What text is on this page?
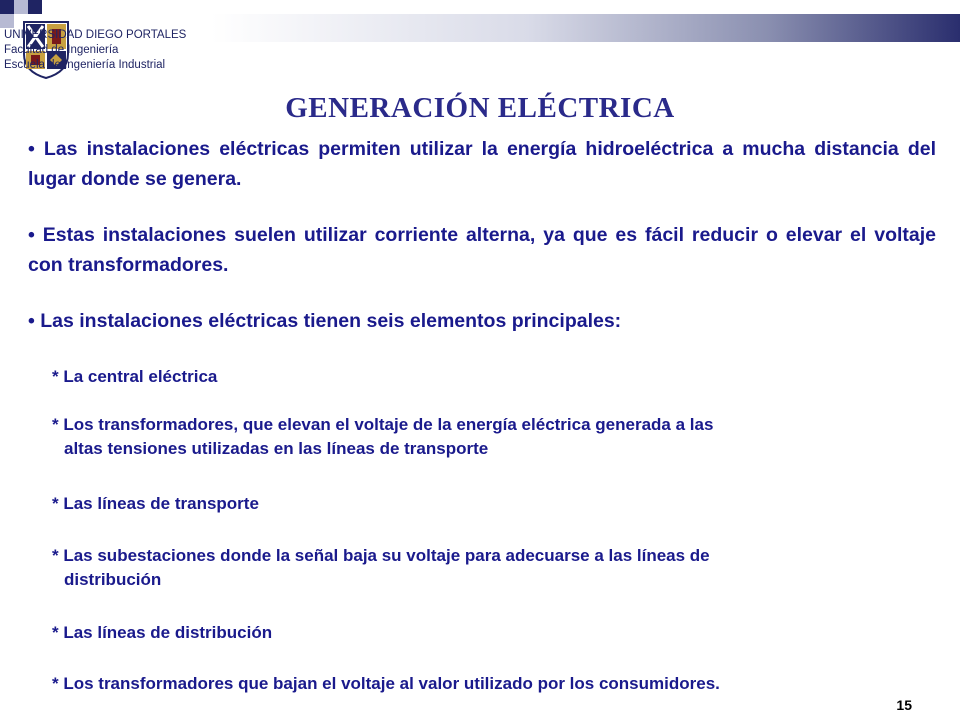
UNIVERSIDAD DIEGO PORTALES
Facultad de Ingeniería
Escuela de Ingeniería Industrial
GENERACIÓN ELÉCTRICA
• Las instalaciones eléctricas permiten utilizar la energía hidroeléctrica a mucha distancia del lugar donde se genera.
• Estas instalaciones suelen utilizar corriente alterna, ya que es fácil reducir o elevar el voltaje con transformadores.
• Las instalaciones eléctricas tienen seis elementos principales:
* La central eléctrica
* Los transformadores, que elevan el voltaje de la energía eléctrica generada a las
altas tensiones utilizadas en las líneas de transporte
* Las líneas de transporte
* Las subestaciones donde la señal baja su voltaje para adecuarse a las líneas de
distribución
* Las líneas de distribución
* Los transformadores que bajan el voltaje al valor utilizado por los consumidores.
15
